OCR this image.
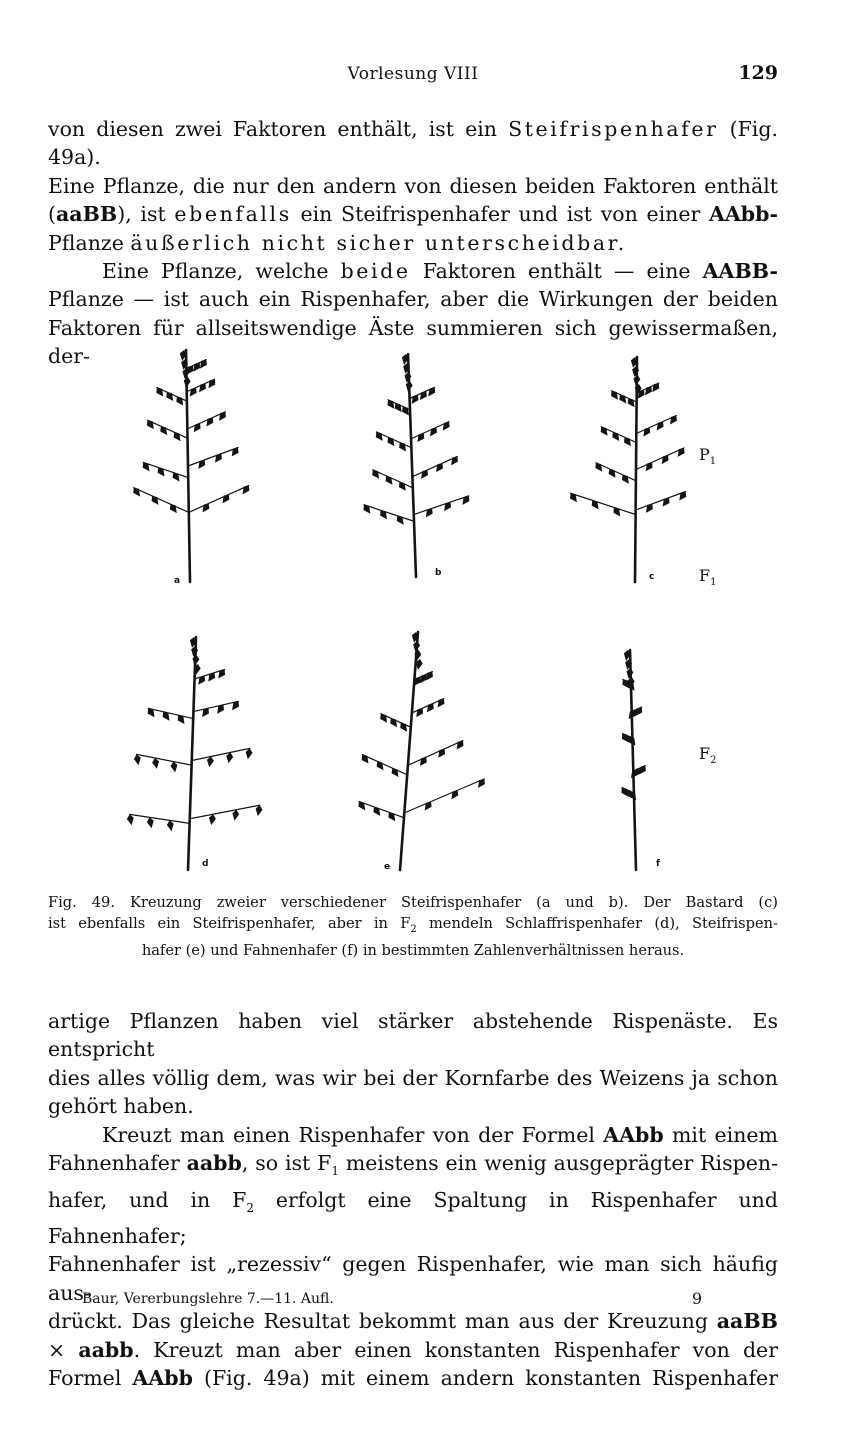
Vorlesung VIII	129

von diesen zwei Faktoren enthält, ist ein Steifrispenhafer (Fig. 49a).
Eine Pflanze, die nur den andern von diesen beiden Faktoren enthält
(aaBB), ist ebenfalls ein Steifrispenhafer und ist von einer AAbb-

Pflanze äußerlich nicht sicher unterscheidbar.

Eine Pflanze, welche beide Faktoren enthält — eine AABB-
Pflanze — ist auch ein Rispenhafer, aber die Wirkungen der beiden
Faktoren für allseitswendige Äste summieren sich gewissermaßen, der-

a
b	c
d	e	f
$P_1$
$F_1$
$F_2$

Fig. 49. Kreuzung zweier verschiedener Steifrispenhafer (a und b). Der Bastard (c)

ist ebenfalls ein Steifrispenhafer, aber in $F_2$ mendeln Schlaffrispenhafer (d), Steifrispen-

hafer (e) und Fahnenhafer (f) in bestimmten Zahlenverhältnissen heraus.

artige Pflanzen haben viel stärker abstehende Rispenäste. Es entspricht
dies alles völlig dem, was wir bei der Kornfarbe des Weizens ja schon

gehört haben.

Kreuzt man einen Rispenhafer von der Formel AAbb mit einem
Fahnenhafer aabb, so ist $F_1$ meistens ein wenig ausgeprägter Rispen-
hafer, und in $F_2$ erfolgt eine Spaltung in Rispenhafer und Fahnenhafer;
Fahnenhafer ist „rezessiv“ gegen Rispenhafer, wie man sich häufig aus-
drückt. Das gleiche Resultat bekommt man aus der Kreuzung aaBB
× aabb. Kreuzt man aber einen konstanten Rispenhafer von der
Formel AAbb (Fig. 49a) mit einem andern konstanten Rispenhafer

Baur, Vererbungslehre 7.—11. Aufl.	9
